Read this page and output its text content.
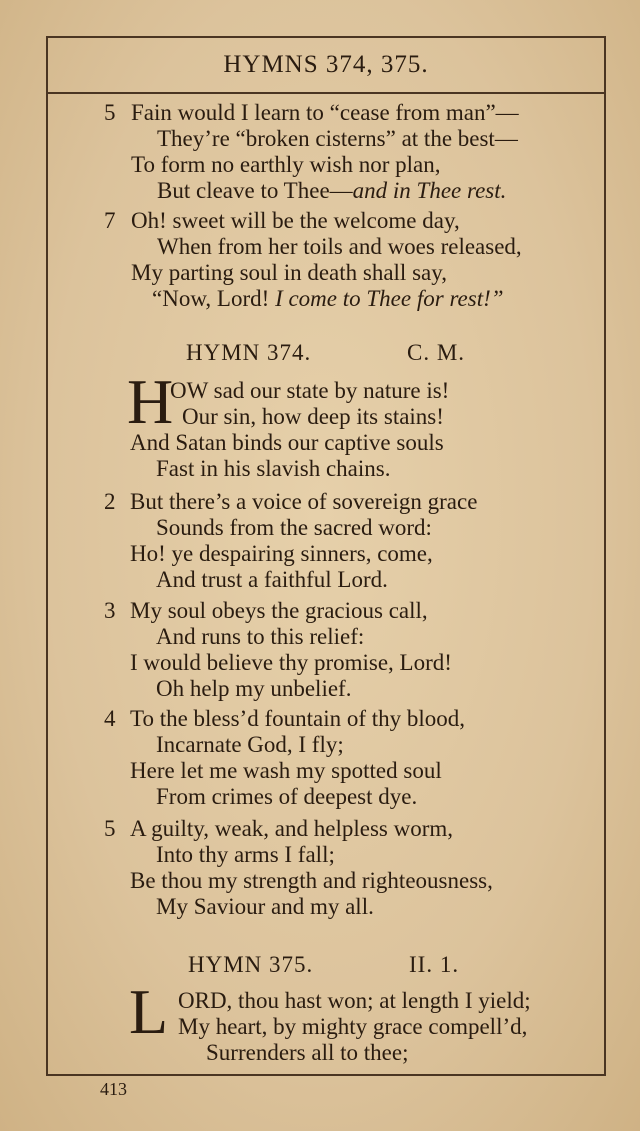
HYMNS 374, 375.
5 Fain would I learn to “cease from man”—
They’re “broken cisterns” at the best—
To form no earthly wish nor plan,
But cleave to Thee—and in Thee rest.
7 Oh! sweet will be the welcome day,
When from her toils and woes released,
My parting soul in death shall say,
“Now, Lord! I come to Thee for rest!”
HYMN 374.	C. M.
H
OW sad our state by nature is!
Our sin, how deep its stains!
And Satan binds our captive souls
Fast in his slavish chains.
2 But there’s a voice of sovereign grace
Sounds from the sacred word:
Ho! ye despairing sinners, come,
And trust a faithful Lord.
3 My soul obeys the gracious call,
And runs to this relief:
I would believe thy promise, Lord!
Oh help my unbelief.
4 To the bless’d fountain of thy blood,
Incarnate God, I fly;
Here let me wash my spotted soul
From crimes of deepest dye.
5 A guilty, weak, and helpless worm,
Into thy arms I fall;
Be thou my strength and righteousness,
My Saviour and my all.
HYMN 375.	II. 1.
L ORD, thou hast won; at length I yield;
My heart, by mighty grace compell’d,
Surrenders all to thee;
413
